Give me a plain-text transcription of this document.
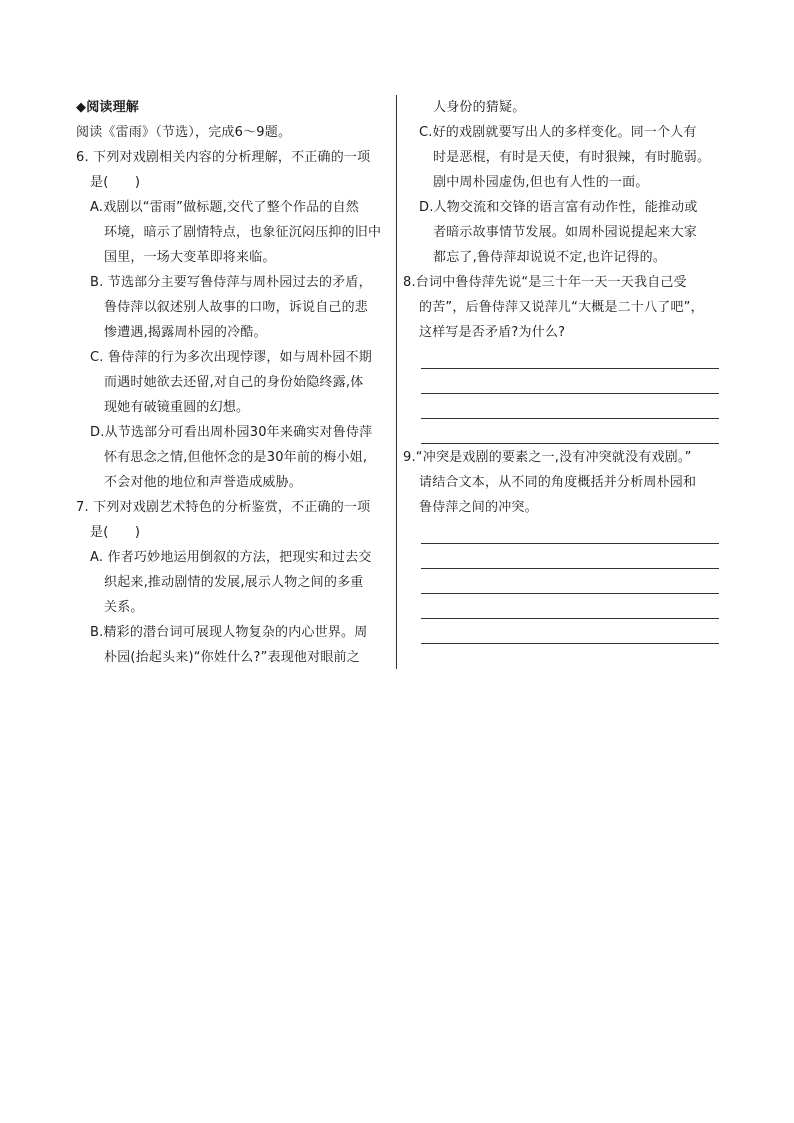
◆阅读理解
阅读《雷雨》（节选），完成6～9题。
6. 下列对戏剧相关内容的分析理解，不正确的一项
是(　　)
A.戏剧以“雷雨”做标题,交代了整个作品的自然
环境，暗示了剧情特点，也象征沉闷压抑的旧中
国里，一场大变革即将来临。
B. 节选部分主要写鲁侍萍与周朴园过去的矛盾，
鲁侍萍以叙述别人故事的口吻，诉说自己的悲
惨遭遇,揭露周朴园的冷酷。
C. 鲁侍萍的行为多次出现悖谬，如与周朴园不期
而遇时她欲去还留,对自己的身份始隐终露,体
现她有破镜重圆的幻想。
D.从节选部分可看出周朴园30年来确实对鲁侍萍
怀有思念之情,但他怀念的是30年前的梅小姐,
不会对他的地位和声誉造成威胁。
7. 下列对戏剧艺术特色的分析鉴赏，不正确的一项
是(　　)
A. 作者巧妙地运用倒叙的方法，把现实和过去交
织起来,推动剧情的发展,展示人物之间的多重
关系。
B.精彩的潜台词可展现人物复杂的内心世界。周
朴园(抬起头来)“你姓什么?”表现他对眼前之
人身份的猜疑。
C.好的戏剧就要写出人的多样变化。同一个人有
时是恶棍，有时是天使，有时狠辣，有时脆弱。
剧中周朴园虚伪,但也有人性的一面。
D.人物交流和交锋的语言富有动作性，能推动或
者暗示故事情节发展。如周朴园说提起来大家
都忘了,鲁侍萍却说说不定,也许记得的。
8.台词中鲁侍萍先说“是三十年一天一天我自己受
的苦”，后鲁侍萍又说萍儿“大概是二十八了吧”，
这样写是否矛盾?为什么?
9.“冲突是戏剧的要素之一,没有冲突就没有戏剧。”
请结合文本，从不同的角度概括并分析周朴园和
鲁侍萍之间的冲突。
